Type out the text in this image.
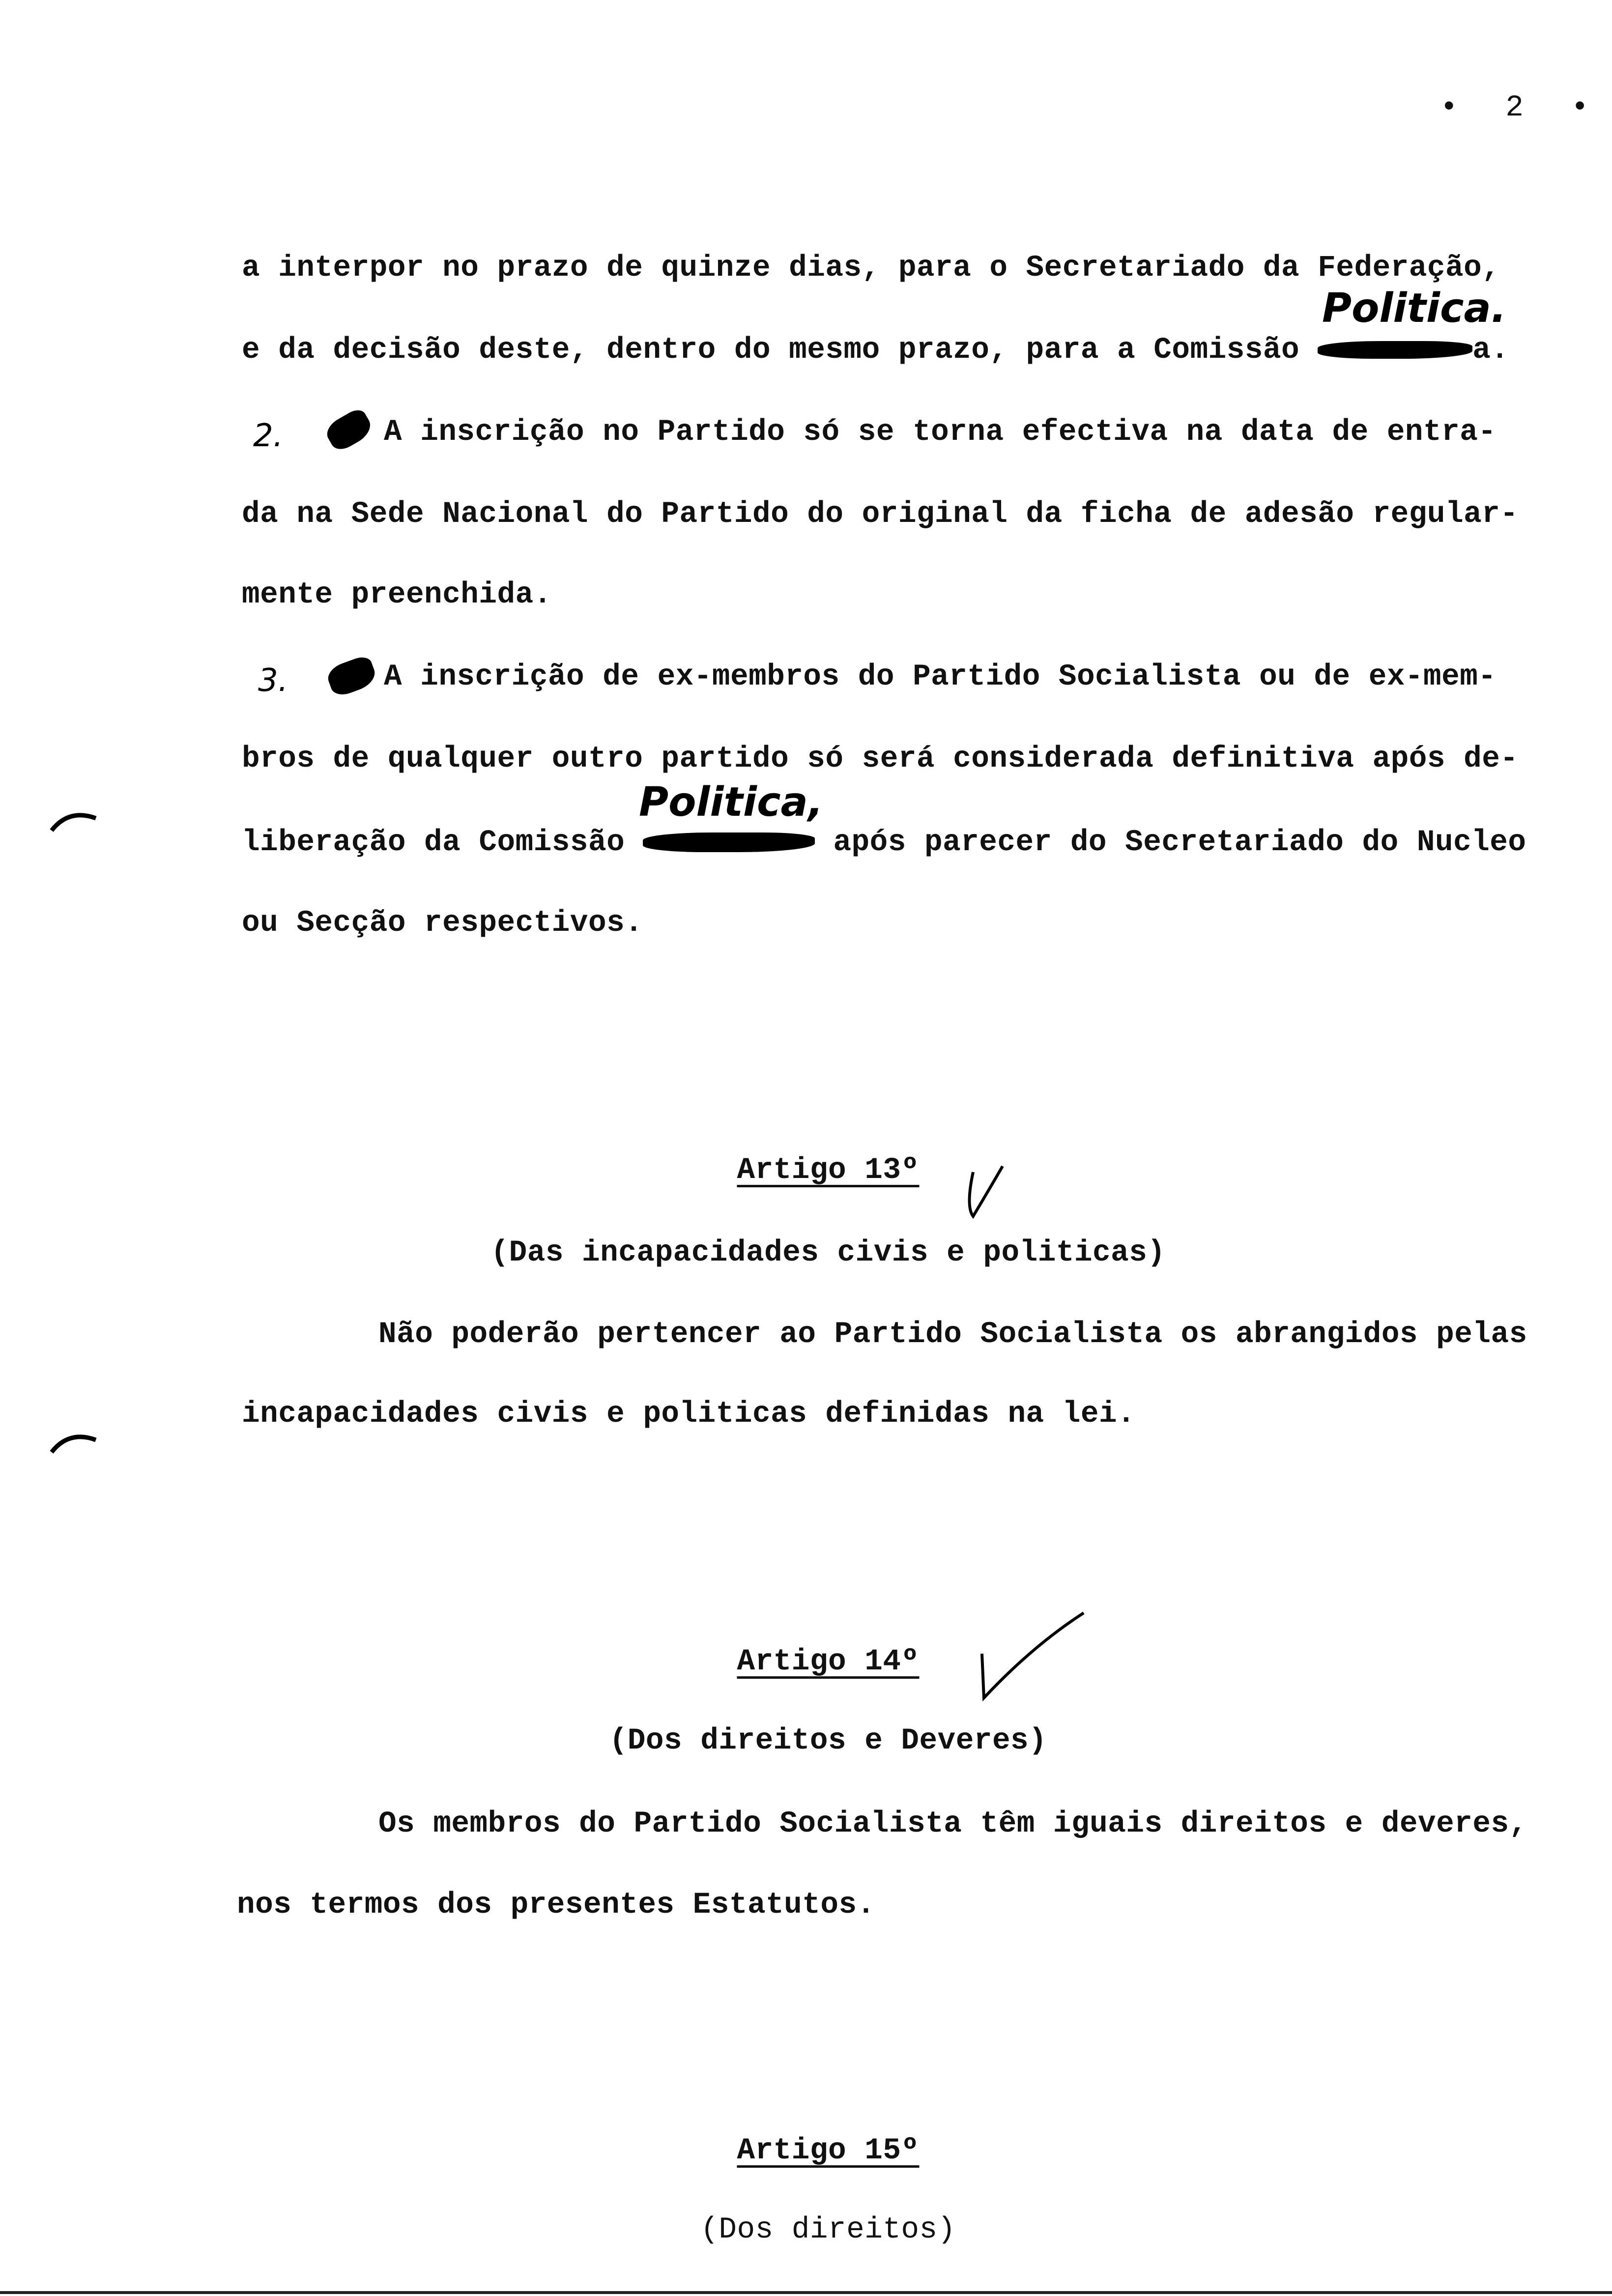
• 2 •
a interpor no prazo de quinze dias, para o Secretariado da Federação,
Politica.
e da decisão deste, dentro do mesmo prazo, para a Comissão	a.
2.	A inscrição no Partido só se torna efectiva na data de entra-
da na Sede Nacional do Partido do original da ficha de adesão regular-
mente preenchida.
3.	A inscrição de ex-membros do Partido Socialista ou de ex-mem-
bros de qualquer outro partido só será considerada definitiva após de-
Politica,
liberação da Comissão	após parecer do Secretariado do Nucleo
ou Secção respectivos.
Artigo 13º
(Das incapacidades civis e politicas)
Não poderão pertencer ao Partido Socialista os abrangidos pelas
incapacidades civis e politicas definidas na lei.
Artigo 14º
(Dos direitos e Deveres)
Os membros do Partido Socialista têm iguais direitos e deveres,
nos termos dos presentes Estatutos.
Artigo 15º
(Dos direitos)
